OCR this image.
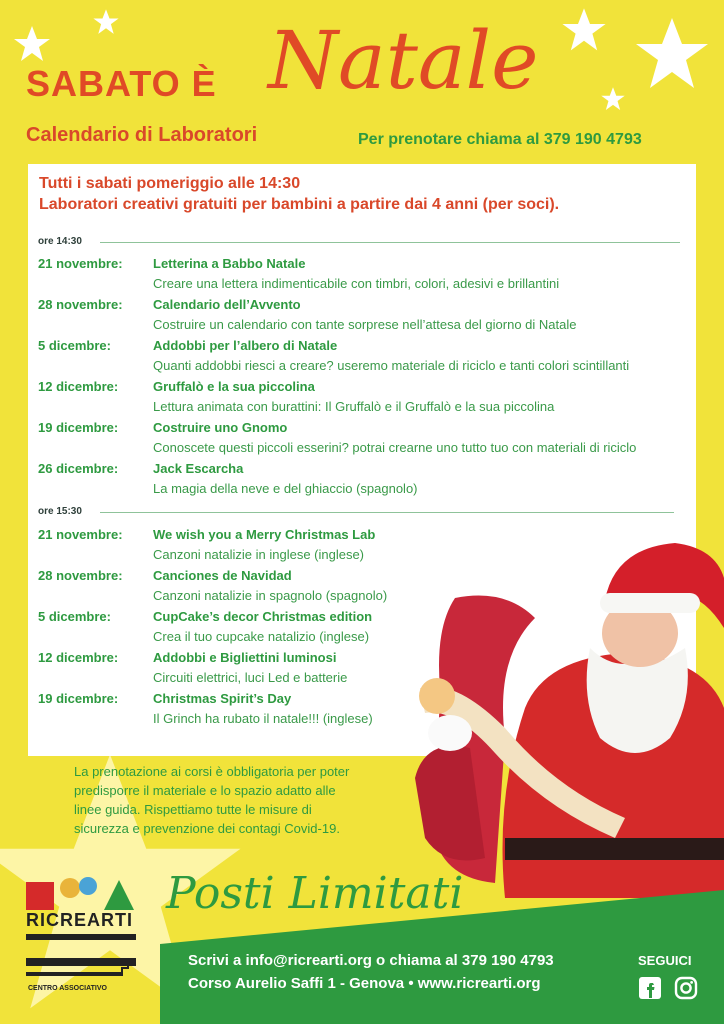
SABATO È Natale
Calendario di Laboratori	Per prenotare chiama al 379 190 4793
Tutti i sabati pomeriggio alle 14:30
Laboratori creativi gratuiti per bambini a partire dai 4 anni (per soci).
ore 14:30
21 novembre: Letterina a Babbo Natale
Creare una lettera indimenticabile con timbri, colori, adesivi e brillantini
28 novembre: Calendario dell’Avvento
Costruire un calendario con tante sorprese nell’attesa del giorno di Natale
5 dicembre:	Addobbi per l’albero di Natale
Quanti addobbi riesci a creare? useremo materiale di riciclo e tanti colori scintillanti
12 dicembre:	Gruffalò e la sua piccolina
Lettura animata con burattini: Il Gruffalò e il Gruffalò e la sua piccolina
19 dicembre:	Costruire uno Gnomo
Conoscete questi piccoli esserini? potrai crearne uno tutto tuo con materiali di riciclo
26 dicembre:	Jack Escarcha
La magia della neve e del ghiaccio (spagnolo)
ore 15:30
21 novembre: We wish you a Merry Christmas Lab
Canzoni natalizie in inglese (inglese)
28 novembre: Canciones de Navidad
Canzoni natalizie in spagnolo (spagnolo)
5 dicembre:	CupCake’s decor Christmas edition
Crea il tuo cupcake natalizio (inglese)
12 dicembre:	Addobbi e Bigliettini luminosi
Circuiti elettrici, luci Led e batterie
19 dicembre:	Christmas Spirit’s Day
Il Grinch ha rubato il natale!!! (inglese)
La prenotazione ai corsi è obbligatoria per poter
predisporre il materiale e lo spazio adatto alle
linee guida. Rispettiamo tutte le misure di
sicurezza e prevenzione dei contagi Covid-19.
Posti Limitati
Scrivi a info@ricrearti.org o chiama al 379 190 4793
Corso Aurelio Saffi 1 - Genova • www.ricrearti.org
SEGUICI
RICREARTI
CENTRO ASSOCIATIVO
